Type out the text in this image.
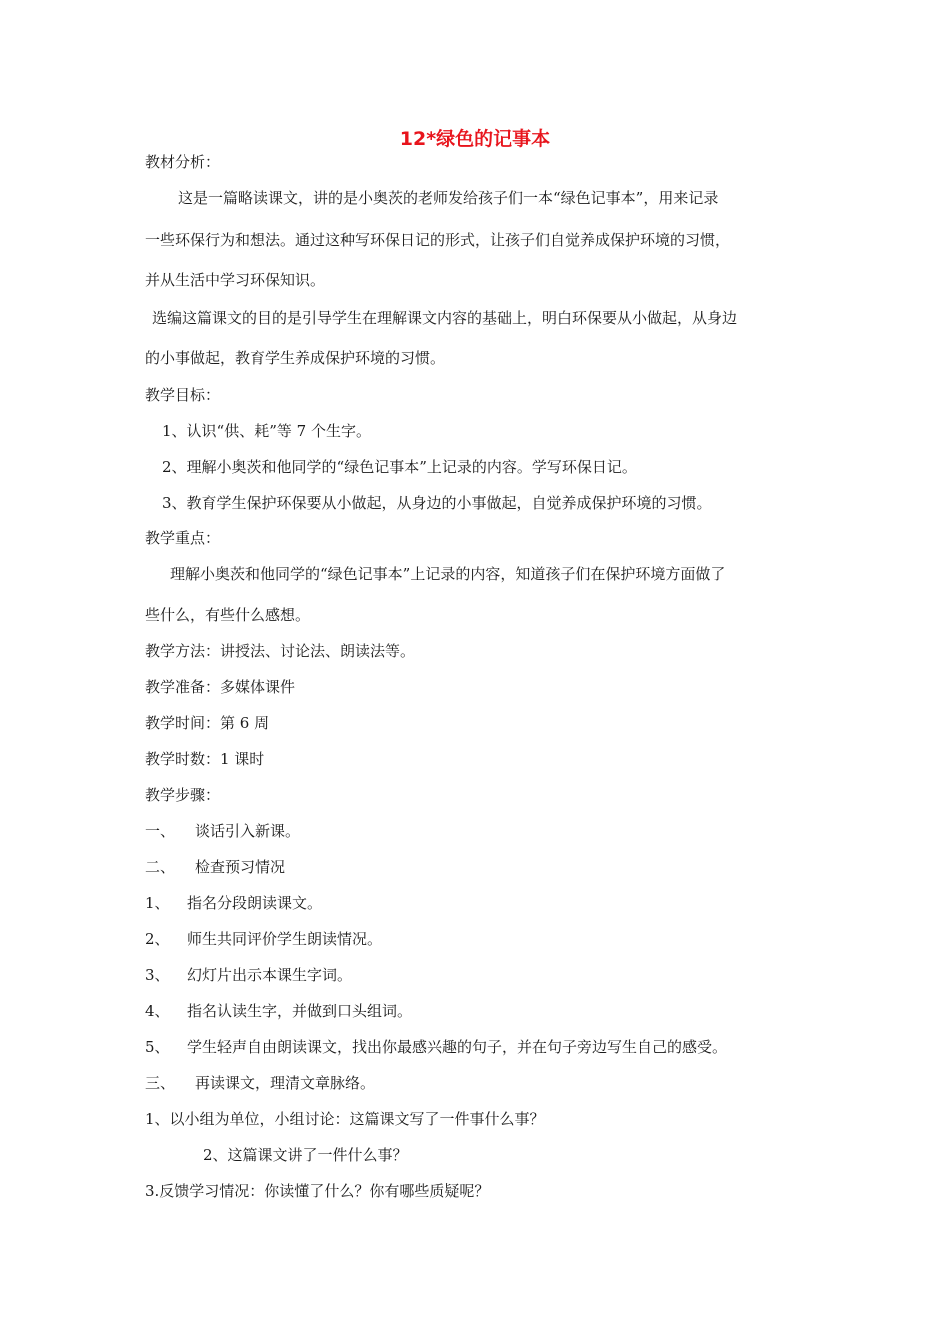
12*绿色的记事本
教材分析：
这是一篇略读课文，讲的是小奥茨的老师发给孩子们一本“绿色记事本”，用来记录
一些环保行为和想法。通过这种写环保日记的形式，让孩子们自觉养成保护环境的习惯，
并从生活中学习环保知识。
选编这篇课文的目的是引导学生在理解课文内容的基础上，明白环保要从小做起，从身边
的小事做起，教育学生养成保护环境的习惯。
教学目标：
1、认识“供、耗”等 7 个生字。
2、理解小奥茨和他同学的“绿色记事本”上记录的内容。学写环保日记。
3、教育学生保护环保要从小做起，从身边的小事做起，自觉养成保护环境的习惯。
教学重点：
理解小奥茨和他同学的“绿色记事本”上记录的内容，知道孩子们在保护环境方面做了
些什么，有些什么感想。
教学方法：讲授法、讨论法、朗读法等。
教学准备：多媒体课件
教学时间：第 6 周
教学时数：1 课时
教学步骤：
一、 谈话引入新课。
二、 检查预习情况
1、 指名分段朗读课文。
2、 师生共同评价学生朗读情况。
3、 幻灯片出示本课生字词。
4、 指名认读生字，并做到口头组词。
5、 学生轻声自由朗读课文，找出你最感兴趣的句子，并在句子旁边写生自己的感受。
三、 再读课文，理清文章脉络。
1、以小组为单位，小组讨论：这篇课文写了一件事什么事？
2、这篇课文讲了一件什么事？
3.反馈学习情况：你读懂了什么？你有哪些质疑呢？
